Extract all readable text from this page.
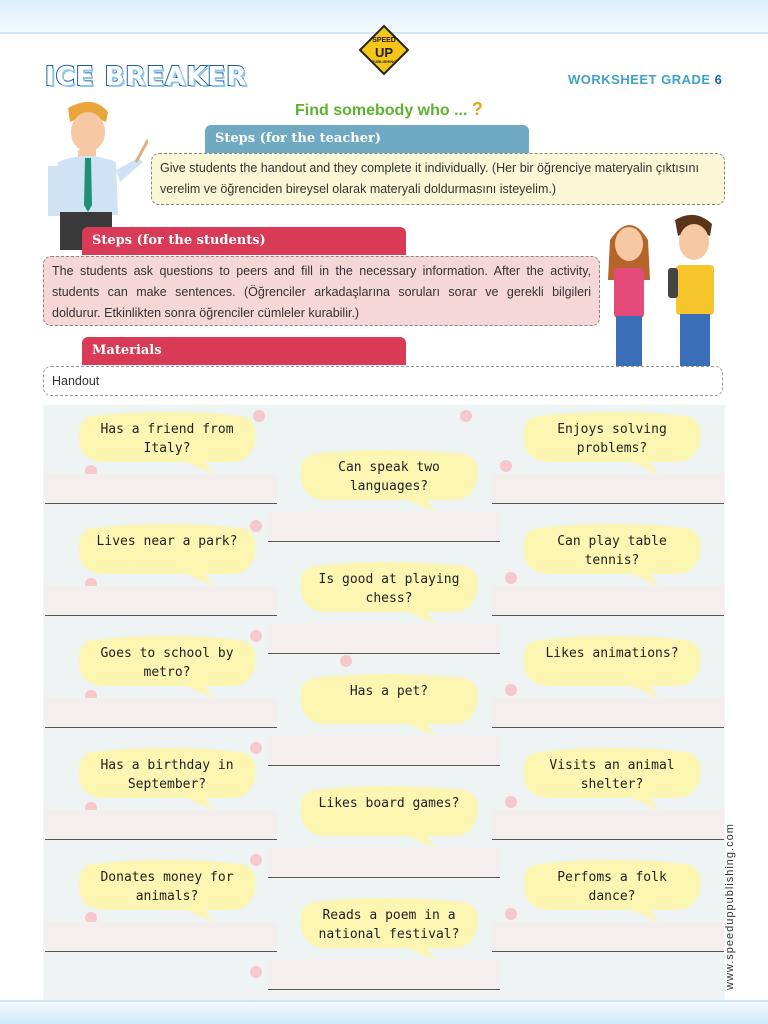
SPEED
UP
PUBLISHING
ICE BREAKER	WORKSHEET GRADE 6
Find somebody who ... ?
Steps (for the teacher)
Give students the handout and they complete it individually. (Her bir öğrenciye materyalin çıktısını verelim ve öğrenciden bireysel olarak materyali doldurmasını isteyelim.)
Steps (for the students)
The students ask questions to peers and fill in the necessary information. After the activity, students can make sentences. (Öğrenciler arkadaşlarına soruları sorar ve gerekli bilgileri doldurur. Etkinlikten sonra öğrenciler cümleler kurabilir.)
Materials
Handout
Has a friend from Italy?
Can speak two languages?
Enjoys solving problems?
Lives near a park?
Is good at playing chess?
Can play table tennis?
Goes to school by metro?
Has a pet?
Likes animations?
Has a birthday in September?
Likes board games?
Visits an animal shelter?
Donates money for animals?
Reads a poem in a national festival?
Perfoms a folk dance?	www.speeduppublishing.com
